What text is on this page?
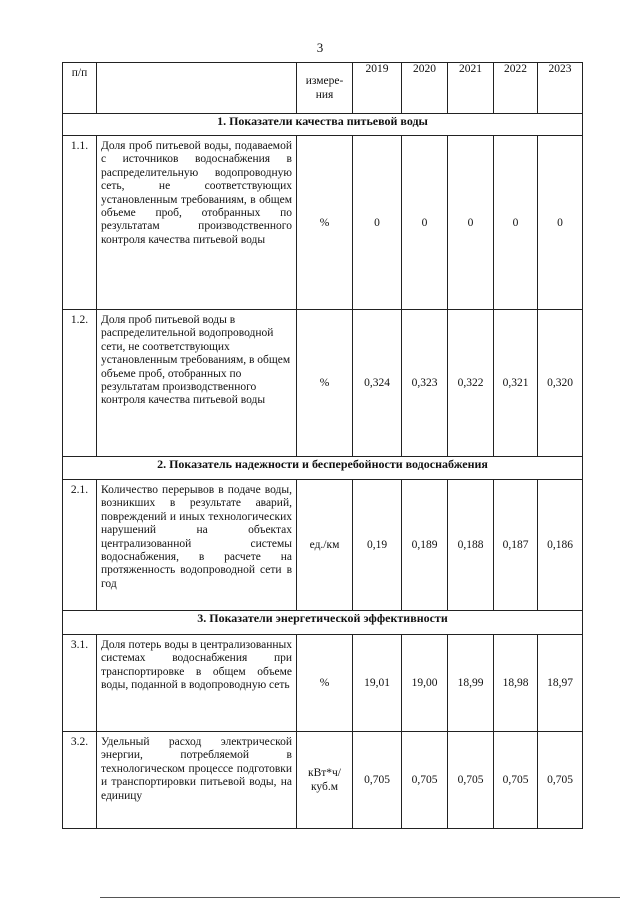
3
п/п		измере-ния	2019	2020	2021	2022	2023
1. Показатели качества питьевой воды							
1.1.	Доля проб питьевой воды, подаваемой с источников водоснабжения в распределительную водопроводную сеть, не соответствующих установленным требованиям, в общем объеме проб, отобранных по результатам производственного контроля качества питьевой воды	%	0	0	0	0	0
1.2.	Доля проб питьевой воды в распределительной водопроводной сети, не соответствующих установленным требованиям, в общем объеме проб, отобранных по результатам производственного контроля качества питьевой воды	%	0,324	0,323	0,322	0,321	0,320
2. Показатель надежности и бесперебойности водоснабжения							
2.1.	Количество перерывов в подаче воды, возникших в результате аварий, повреждений и иных технологических нарушений на объектах централизованной системы водоснабжения, в расчете на протяженность водопроводной сети в год	ед./км	0,19	0,189	0,188	0,187	0,186
3. Показатели энергетической эффективности							
3.1.	Доля потерь воды в централизованных системах водоснабжения при транспортировке в общем объеме воды, поданной в водопроводную сеть	%	19,01	19,00	18,99	18,98	18,97
3.2.	Удельный расход электрической энергии, потребляемой в технологическом процессе подготовки и транспортировки питьевой воды, на единицу	кВт*ч/ куб.м	0,705	0,705	0,705	0,705	0,705
